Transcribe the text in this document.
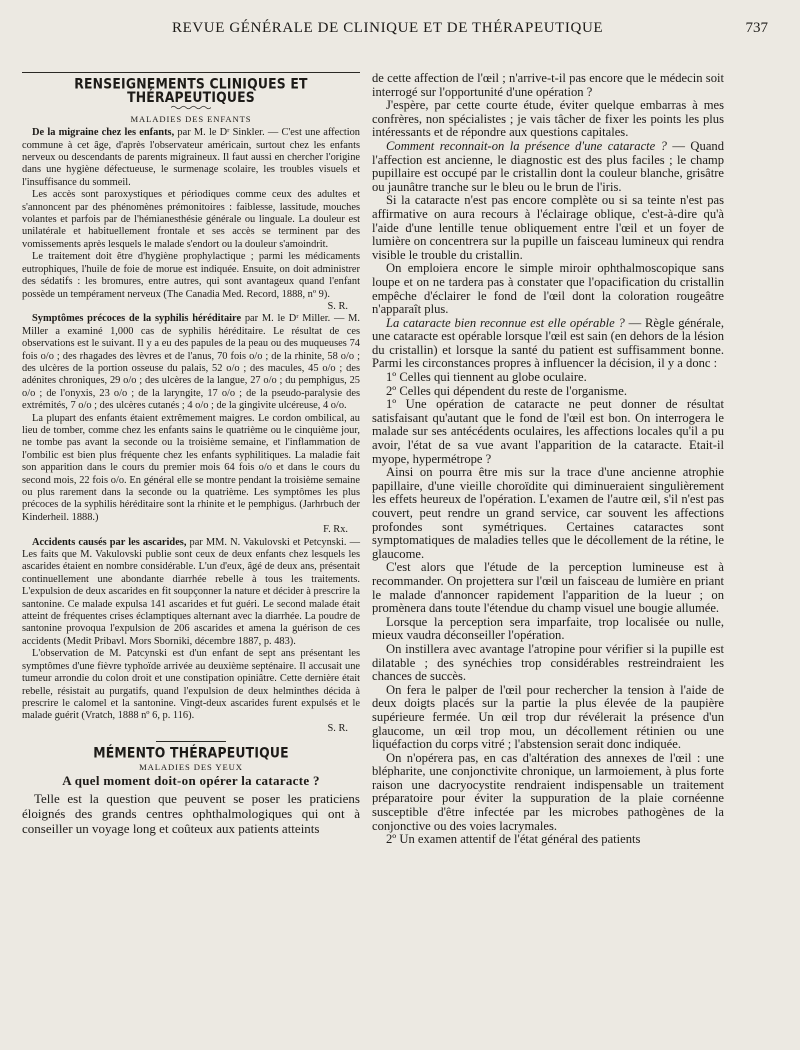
REVUE GÉNÉRALE DE CLINIQUE ET DE THÉRAPEUTIQUE	737
RENSEIGNEMENTS CLINIQUES ET THÉRAPEUTIQUES
MALADIES DES ENFANTS

De la migraine chez les enfants, par M. le Dʳ Sinkler. — C'est une affection commune à cet âge, d'après l'observateur américain, surtout chez les enfants nerveux ou descendants de parents migraineux. Il faut aussi en chercher l'origine dans une hygiène défectueuse, le surmenage scolaire, les troubles visuels et l'insuffisance du sommeil.

Les accès sont paroxystiques et périodiques comme ceux des adultes et s'annoncent par des phénomènes prémonitoires : faiblesse, lassitude, mouches volantes et parfois par de l'hémianesthésie générale ou linguale. La douleur est unilatérale et habituellement frontale et ses accès se terminent par des vomissements après lesquels le malade s'endort ou la douleur s'amoindrit.

Le traitement doit être d'hygiène prophylactique ; parmi les médicaments eutrophiques, l'huile de foie de morue est indiquée. Ensuite, on doit administrer des sédatifs : les bromures, entre autres, qui sont avantageux quand l'enfant possède un tempérament nerveux (The Canadia Med. Record, 1888, nº 9).
S. R.

Symptômes précoces de la syphilis héréditaire par M. le Dʳ Miller. — M. Miller a examiné 1,000 cas de syphilis héréditaire. Le résultat de ces observations est le suivant. Il y a eu des papules de la peau ou des muqueuses 74 fois o/o ; des rhagades des lèvres et de l'anus, 70 fois o/o ; de la rhinite, 58 o/o ; des ulcères de la portion osseuse du palais, 52 o/o ; des macules, 45 o/o ; des adénites chroniques, 29 o/o ; des ulcères de la langue, 27 o/o ; du pemphigus, 25 o/o ; de l'onyxis, 23 o/o ; de la laryngite, 17 o/o ; de la pseudo-paralysie des extrémités, 7 o/o ; des ulcères cutanés ; 4 o/o ; de la gingivite ulcéreuse, 4 o/o.

La plupart des enfants étaient extrêmement maigres. Le cordon ombilical, au lieu de tomber, comme chez les enfants sains le quatrième ou le cinquième jour, ne tombe pas avant la seconde ou la troisième semaine, et l'inflammation de l'ombilic est bien plus fréquente chez les enfants syphilitiques. La maladie fait son apparition dans le cours du premier mois 64 fois o/o et dans le cours du second mois, 22 fois o/o. En général elle se montre pendant la troisième semaine ou plus rarement dans la seconde ou la quatrième. Les symptômes les plus précoces de la syphilis héréditaire sont la rhinite et le pemphigus. (Jarhrbuch der Kinderheil. 1888.)
F. Rx.

Accidents causés par les ascarides, par MM. N. Vakulovski et Petcynski. — Les faits que M. Vakulovski publie sont ceux de deux enfants chez lesquels les ascarides étaient en nombre considérable. L'un d'eux, âgé de deux ans, présentait continuellement une abondante diarrhée rebelle à tous les traitements. L'expulsion de deux ascarides en fit soupçonner la nature et décider à prescrire la santonine. Ce malade expulsa 141 ascarides et fut guéri. Le second malade était atteint de fréquentes crises éclamptiques alternant avec la diarrhée. La poudre de santonine provoqua l'expulsion de 206 ascarides et amena la guérison de ces accidents (Medit Pribavl. Mors Sborniki, décembre 1887, p. 483).

L'observation de M. Patcynski est d'un enfant de sept ans présentant les symptômes d'une fièvre typhoïde arrivée au deuxième septénaire. Il accusait une tumeur arrondie du colon droit et une constipation opiniâtre. Cette dernière était rebelle, résistait au purgatifs, quand l'expulsion de deux helminthes décida à prescrire le calomel et la santonine. Vingt-deux ascarides furent expulsés et le malade guérit (Vratch, 1888 nº 6, p. 116).
S. R.

MÉMENTO THÉRAPEUTIQUE
MALADIES DES YEUX
A quel moment doit-on opérer la cataracte ?

Telle est la question que peuvent se poser les praticiens éloignés des grands centres ophthalmologiques qui ont à conseiller un voyage long et coûteux aux patients atteints

de cette affection de l'œil ; n'arrive-t-il pas encore que le médecin soit interrogé sur l'opportunité d'une opération ?

J'espère, par cette courte étude, éviter quelque embarras à mes confrères, non spécialistes ; je vais tâcher de fixer les points les plus intéressants et de répondre aux questions capitales.

Comment reconnait-on la présence d'une cataracte ? — Quand l'affection est ancienne, le diagnostic est des plus faciles ; le champ pupillaire est occupé par le cristallin dont la couleur blanche, grisâtre ou jaunâtre tranche sur le bleu ou le brun de l'iris.

Si la cataracte n'est pas encore complète ou si sa teinte n'est pas affirmative on aura recours à l'éclairage oblique, c'est-à-dire qu'à l'aide d'une lentille tenue obliquement entre l'œil et un foyer de lumière on concentrera sur la pupille un faisceau lumineux qui rendra visible le trouble du cristallin.

On emploiera encore le simple miroir ophthalmoscopique sans loupe et on ne tardera pas à constater que l'opacification du cristallin empêche d'éclairer le fond de l'œil dont la coloration rougeâtre n'apparaît plus.

La cataracte bien reconnue est elle opérable ? — Règle générale, une cataracte est opérable lorsque l'œil est sain (en dehors de la lésion du cristallin) et lorsque la santé du patient est suffisamment bonne. Parmi les circonstances propres à influencer la décision, il y a donc :

1º Celles qui tiennent au globe oculaire.

2º Celles qui dépendent du reste de l'organisme.

1º Une opération de cataracte ne peut donner de résultat satisfaisant qu'autant que le fond de l'œil est bon. On interrogera le malade sur ses antécédents oculaires, les affections locales qu'il a pu avoir, l'état de sa vue avant l'apparition de la cataracte. Etait-il myope, hypermétrope ?

Ainsi on pourra être mis sur la trace d'une ancienne atrophie papillaire, d'une vieille choroïdite qui diminueraient singulièrement les effets heureux de l'opération. L'examen de l'autre œil, s'il n'est pas couvert, peut rendre un grand service, car souvent les affections profondes sont symétriques. Certaines cataractes sont symptomatiques de maladies telles que le décollement de la rétine, le glaucome.

C'est alors que l'étude de la perception lumineuse est à recommander. On projettera sur l'œil un faisceau de lumière en priant le malade d'annoncer rapidement l'apparition de la lueur ; on promènera dans toute l'étendue du champ visuel une bougie allumée.

Lorsque la perception sera imparfaite, trop localisée ou nulle, mieux vaudra déconseiller l'opération.

On instillera avec avantage l'atropine pour vérifier si la pupille est dilatable ; des synéchies trop considérables restreindraient les chances de succès.

On fera le palper de l'œil pour rechercher la tension à l'aide de deux doigts placés sur la partie la plus élevée de la paupière supérieure fermée. Un œil trop dur révélerait la présence d'un glaucome, un œil trop mou, un décollement rétinien ou une liquéfaction du corps vitré ; l'abstension serait donc indiquée.

On n'opérera pas, en cas d'altération des annexes de l'œil : une blépharite, une conjonctivite chronique, un larmoiement, à plus forte raison une dacryocystite rendraient indispensable un traitement préparatoire pour éviter la suppuration de la plaie cornéenne susceptible d'être infectée par les microbes pathogènes de la conjonctive ou des voies lacrymales.

2º Un examen attentif de l'état général des patients
